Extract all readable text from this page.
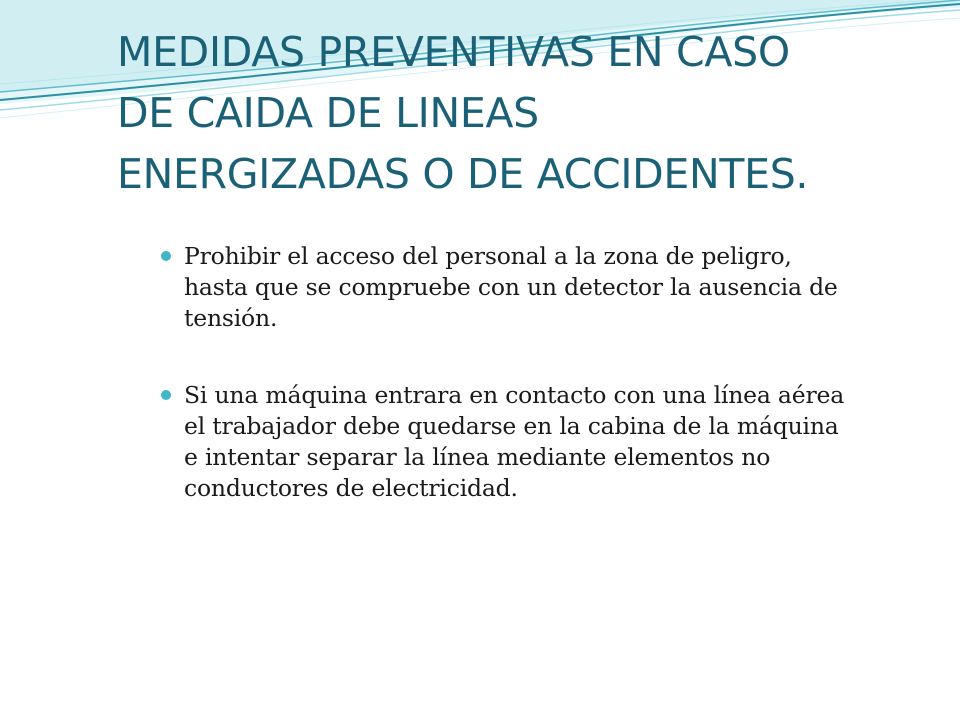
MEDIDAS PREVENTIVAS EN CASO
DE CAIDA DE LINEAS
ENERGIZADAS O DE ACCIDENTES.
Prohibir el acceso del personal a la zona de peligro,
hasta que se compruebe con un detector la ausencia de
tensión.
Si una máquina entrara en contacto con una línea aérea
el trabajador debe quedarse en la cabina de la máquina
e intentar separar la línea mediante elementos no
conductores de electricidad.
